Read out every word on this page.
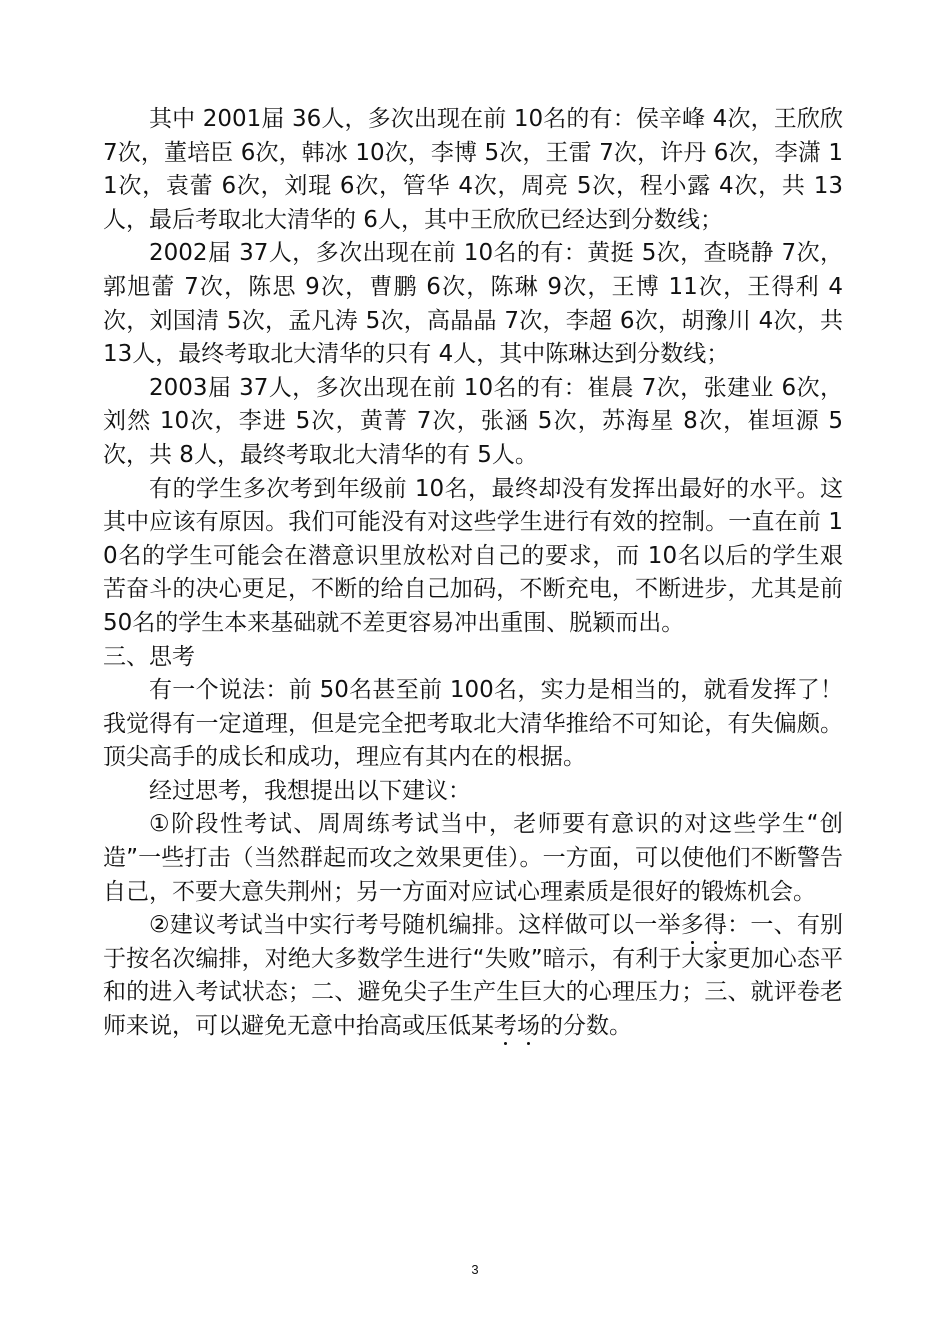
其中 2001届 36人，多次出现在前 10名的有：侯辛峰 4次，王欣欣 7次，董培臣 6次，韩冰 10次，李博 5次，王雷 7次，许丹 6次，李潇 11次，袁蕾 6次，刘琨 6次，管华 4次，周亮 5次，程小露 4次，共 13人，最后考取北大清华的 6人，其中王欣欣已经达到分数线；

2002届 37人，多次出现在前 10名的有：黄挺 5次，查晓静 7次，郭旭蕾 7次，陈思 9次，曹鹏 6次，陈琳 9次，王博 11次，王得利 4次，刘国清 5次，孟凡涛 5次，高晶晶 7次，李超 6次，胡豫川 4次，共 13人，最终考取北大清华的只有 4人，其中陈琳达到分数线；

2003届 37人，多次出现在前 10名的有：崔晨 7次，张建业 6次，刘然 10次，李进 5次，黄菁 7次，张涵 5次，苏海星 8次，崔垣源 5次，共 8人，最终考取北大清华的有 5人。

有的学生多次考到年级前 10名，最终却没有发挥出最好的水平。这其中应该有原因。我们可能没有对这些学生进行有效的控制。一直在前 10名的学生可能会在潜意识里放松对自己的要求，而 10名以后的学生艰苦奋斗的决心更足，不断的给自己加码，不断充电，不断进步，尤其是前 50名的学生本来基础就不差更容易冲出重围、脱颖而出。

三、思考

有一个说法：前 50名甚至前 100名，实力是相当的，就看发挥了！我觉得有一定道理，但是完全把考取北大清华推给不可知论，有失偏颇。顶尖高手的成长和成功，理应有其内在的根据。

经过思考，我想提出以下建议：

①阶段性考试、周周练考试当中，老师要有意识的对这些学生“创造”一些打击（当然群起而攻之效果更佳）。一方面，可以使他们不断警告自己，不要大意失荆州；另一方面对应试心理素质是很好的锻炼机会。

②建议考试当中实行考号随机编排。这样做可以一举多得：一、有别于按名次编排，对绝大多数学生进行“失败”暗示，有利于大家更加心态平和的进入考试状态；二、避免尖子生产生巨大的心理压力；三、就评卷老师来说，可以避免无意中抬高或压低某考场的分数。

3
